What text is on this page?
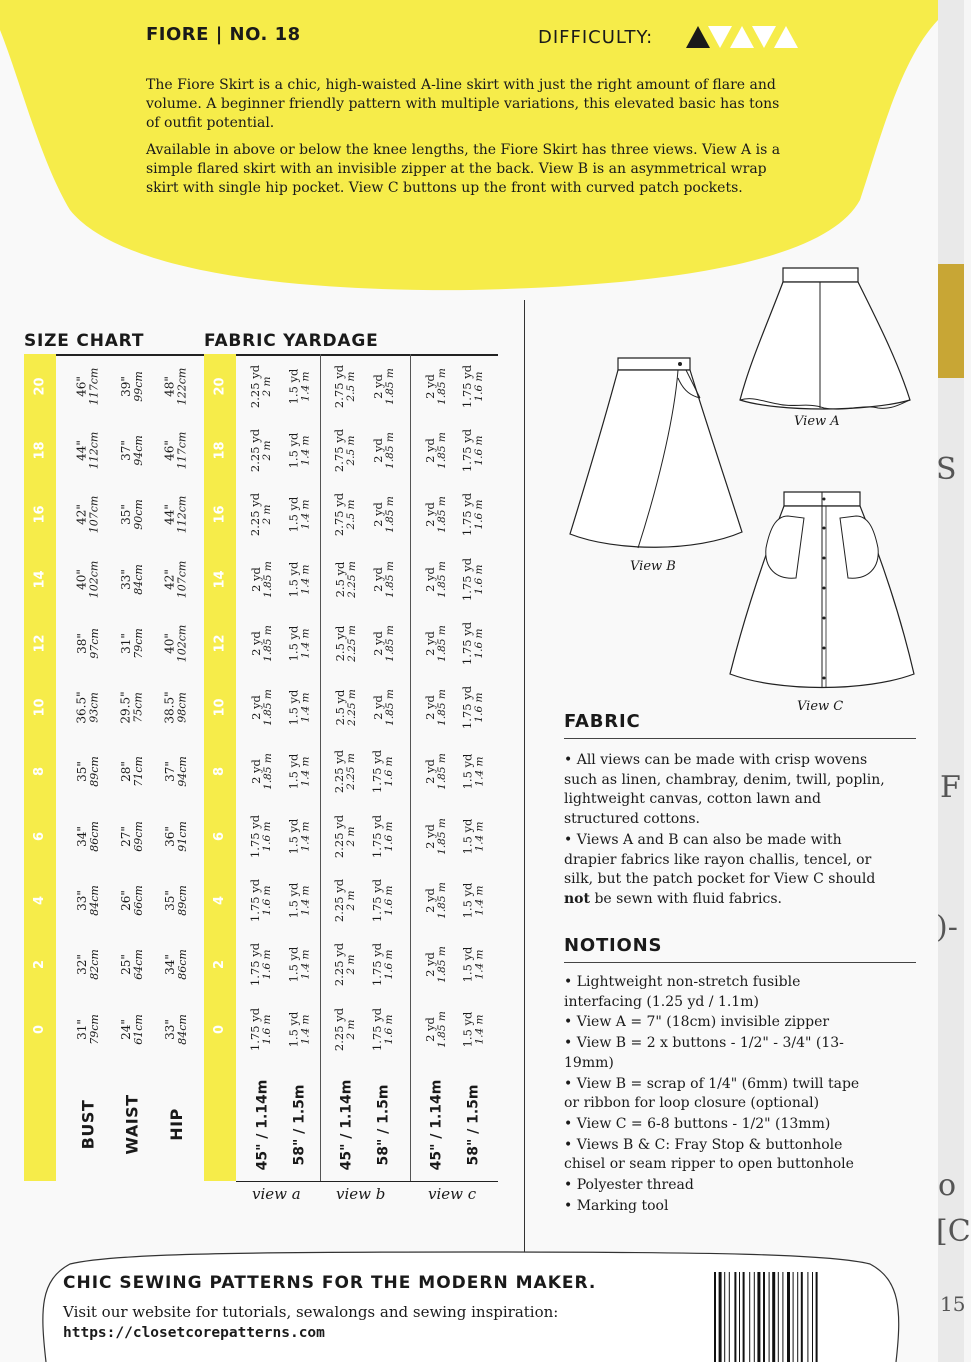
FIORE | NO. 18	DIFFICULTY:

The Fiore Skirt is a chic, high-waisted A-line skirt with just the right amount of flare and volume. A beginner friendly pattern with multiple variations, this elevated basic has tons of outfit potential.

Available in above or below the knee lengths, the Fiore Skirt has three views. View A is a simple flared skirt with an invisible zipper at the back. View B is an asymmetrical wrap skirt with single hip pocket. View C buttons up the front with curved patch pockets.

SIZE CHART	FABRIC YARDAGE
20	20
46" 117cm 39" 99cm 48" 122cm	2.25 yd 2 m 1.5 yd 1.4 m 2.75 yd 2.5 m 2 yd 1.85 m 2 yd 1.85 m 1.75 yd 1.6 m
18	18
44" 112cm 37" 94cm 46" 117cm	2.25 yd 2 m 1.5 yd 1.4 m 2.75 yd 2.5 m 2 yd 1.85 m 2 yd 1.85 m 1.75 yd 1.6 m
16	16
42" 107cm 35" 90cm 44" 112cm	2.25 yd 2 m 1.5 yd 1.4 m 2.75 yd 2.5 m 2 yd 1.85 m 2 yd 1.85 m 1.75 yd 1.6 m
14	14
40" 102cm 33" 84cm 42" 107cm	2 yd 1.85 m 1.5 yd 1.4 m 2.5 yd 2.25 m 2 yd 1.85 m 2 yd 1.85 m 1.75 yd 1.6 m
12	12
38" 97cm 31" 79cm 40" 102cm	2 yd 1.85 m 1.5 yd 1.4 m 2.5 yd 2.25 m 2 yd 1.85 m 2 yd 1.85 m 1.75 yd 1.6 m
10	10
36.5" 93cm 29.5" 75cm 38.5" 98cm	2 yd 1.85 m 1.5 yd 1.4 m 2.5 yd 2.25 m 2 yd 1.85 m 2 yd 1.85 m 1.75 yd 1.6 m
8	8
35" 89cm 28" 71cm 37" 94cm	2 yd 1.85 m 1.5 yd 1.4 m 2.25 yd 2.25 m 1.75 yd 1.6 m 2 yd 1.85 m 1.5 yd 1.4 m
6	6
34" 86cm 27" 69cm 36" 91cm	1.75 yd 1.6 m 1.5 yd 1.4 m 2.25 yd 2 m 1.75 yd 1.6 m 2 yd 1.85 m 1.5 yd 1.4 m
4	4
33" 84cm 26" 66cm 35" 89cm	1.75 yd 1.6 m 1.5 yd 1.4 m 2.25 yd 2 m 1.75 yd 1.6 m 2 yd 1.85 m 1.5 yd 1.4 m
2	2
32" 82cm 25" 64cm 34" 86cm	1.75 yd 1.6 m 1.5 yd 1.4 m 2.25 yd 2 m 1.75 yd 1.6 m 2 yd 1.85 m 1.5 yd 1.4 m
0	0
31" 79cm 24" 61cm 33" 84cm	1.75 yd 1.6 m 1.5 yd 1.4 m 2.25 yd 2 m 1.75 yd 1.6 m 2 yd 1.85 m 1.5 yd 1.4 m
BUST WAIST HIP	45" / 1.14m 58" / 1.5m 45" / 1.14m 58" / 1.5m	45" / 1.14m 58" / 1.5m
view a view b	view c
View A
View B
View C
FABRIC
• All views can be made with crisp wovens such as linen, chambray, denim, twill, poplin, lightweight canvas, cotton lawn and structured cottons.
• Views A and B can also be made with drapier fabrics like rayon challis, tencel, or silk, but the patch pocket for View C should not be sewn with fluid fabrics.
NOTIONS
• Lightweight non-stretch fusible interfacing (1.25 yd / 1.1m)
• View A = 7" (18cm) invisible zipper
• View B = 2 x buttons - 1/2" - 3/4" (13-19mm)
• View B = scrap of 1/4" (6mm) twill tape or ribbon for loop closure (optional)
• View C = 6-8 buttons - 1/2" (13mm)
• Views B & C: Fray Stop & buttonhole chisel or seam ripper to open buttonhole
• Polyester thread
• Marking tool
CHIC SEWING PATTERNS FOR THE MODERN MAKER.
Visit our website for tutorials, sewalongs and sewing inspiration:
https://closetcorepatterns.com
S
F
)-
o
[C
15
